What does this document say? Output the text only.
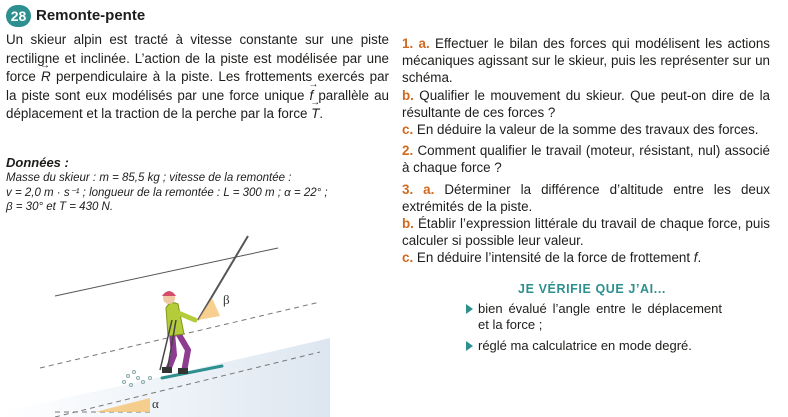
28 Remonte-pente
Un skieur alpin est tracté à vitesse constante sur une piste rectiligne et inclinée. L’action de la piste est modélisée par une force → R perpendiculaire à la piste. Les frottements exercés par la piste sont eux modélisés par une force unique → f parallèle au déplacement et la traction de la perche par la force → T.
Données :
Masse du skieur : m = 85,5 kg ; vitesse de la remontée :
v = 2,0 m · s⁻¹ ; longueur de la remontée : L = 300 m ; α = 22° ;
β = 30° et T = 430 N.
β
α

1. a. Effectuer le bilan des forces qui modélisent les actions mécaniques agissant sur le skieur, puis les représenter sur un schéma.

b. Qualifier le mouvement du skieur. Que peut-on dire de la résultante de ces forces ?

c. En déduire la valeur de la somme des travaux des forces.

2. Comment qualifier le travail (moteur, résistant, nul) associé à chaque force ?

3. a. Déterminer la différence d’altitude entre les deux extrémités de la piste.

b. Établir l’expression littérale du travail de chaque force, puis calculer si possible leur valeur.

c. En déduire l’intensité de la force de frottement f.

JE VÉRIFIE QUE J’AI...
bien évalué l’angle entre le déplacement et la force ;
réglé ma calculatrice en mode degré.
